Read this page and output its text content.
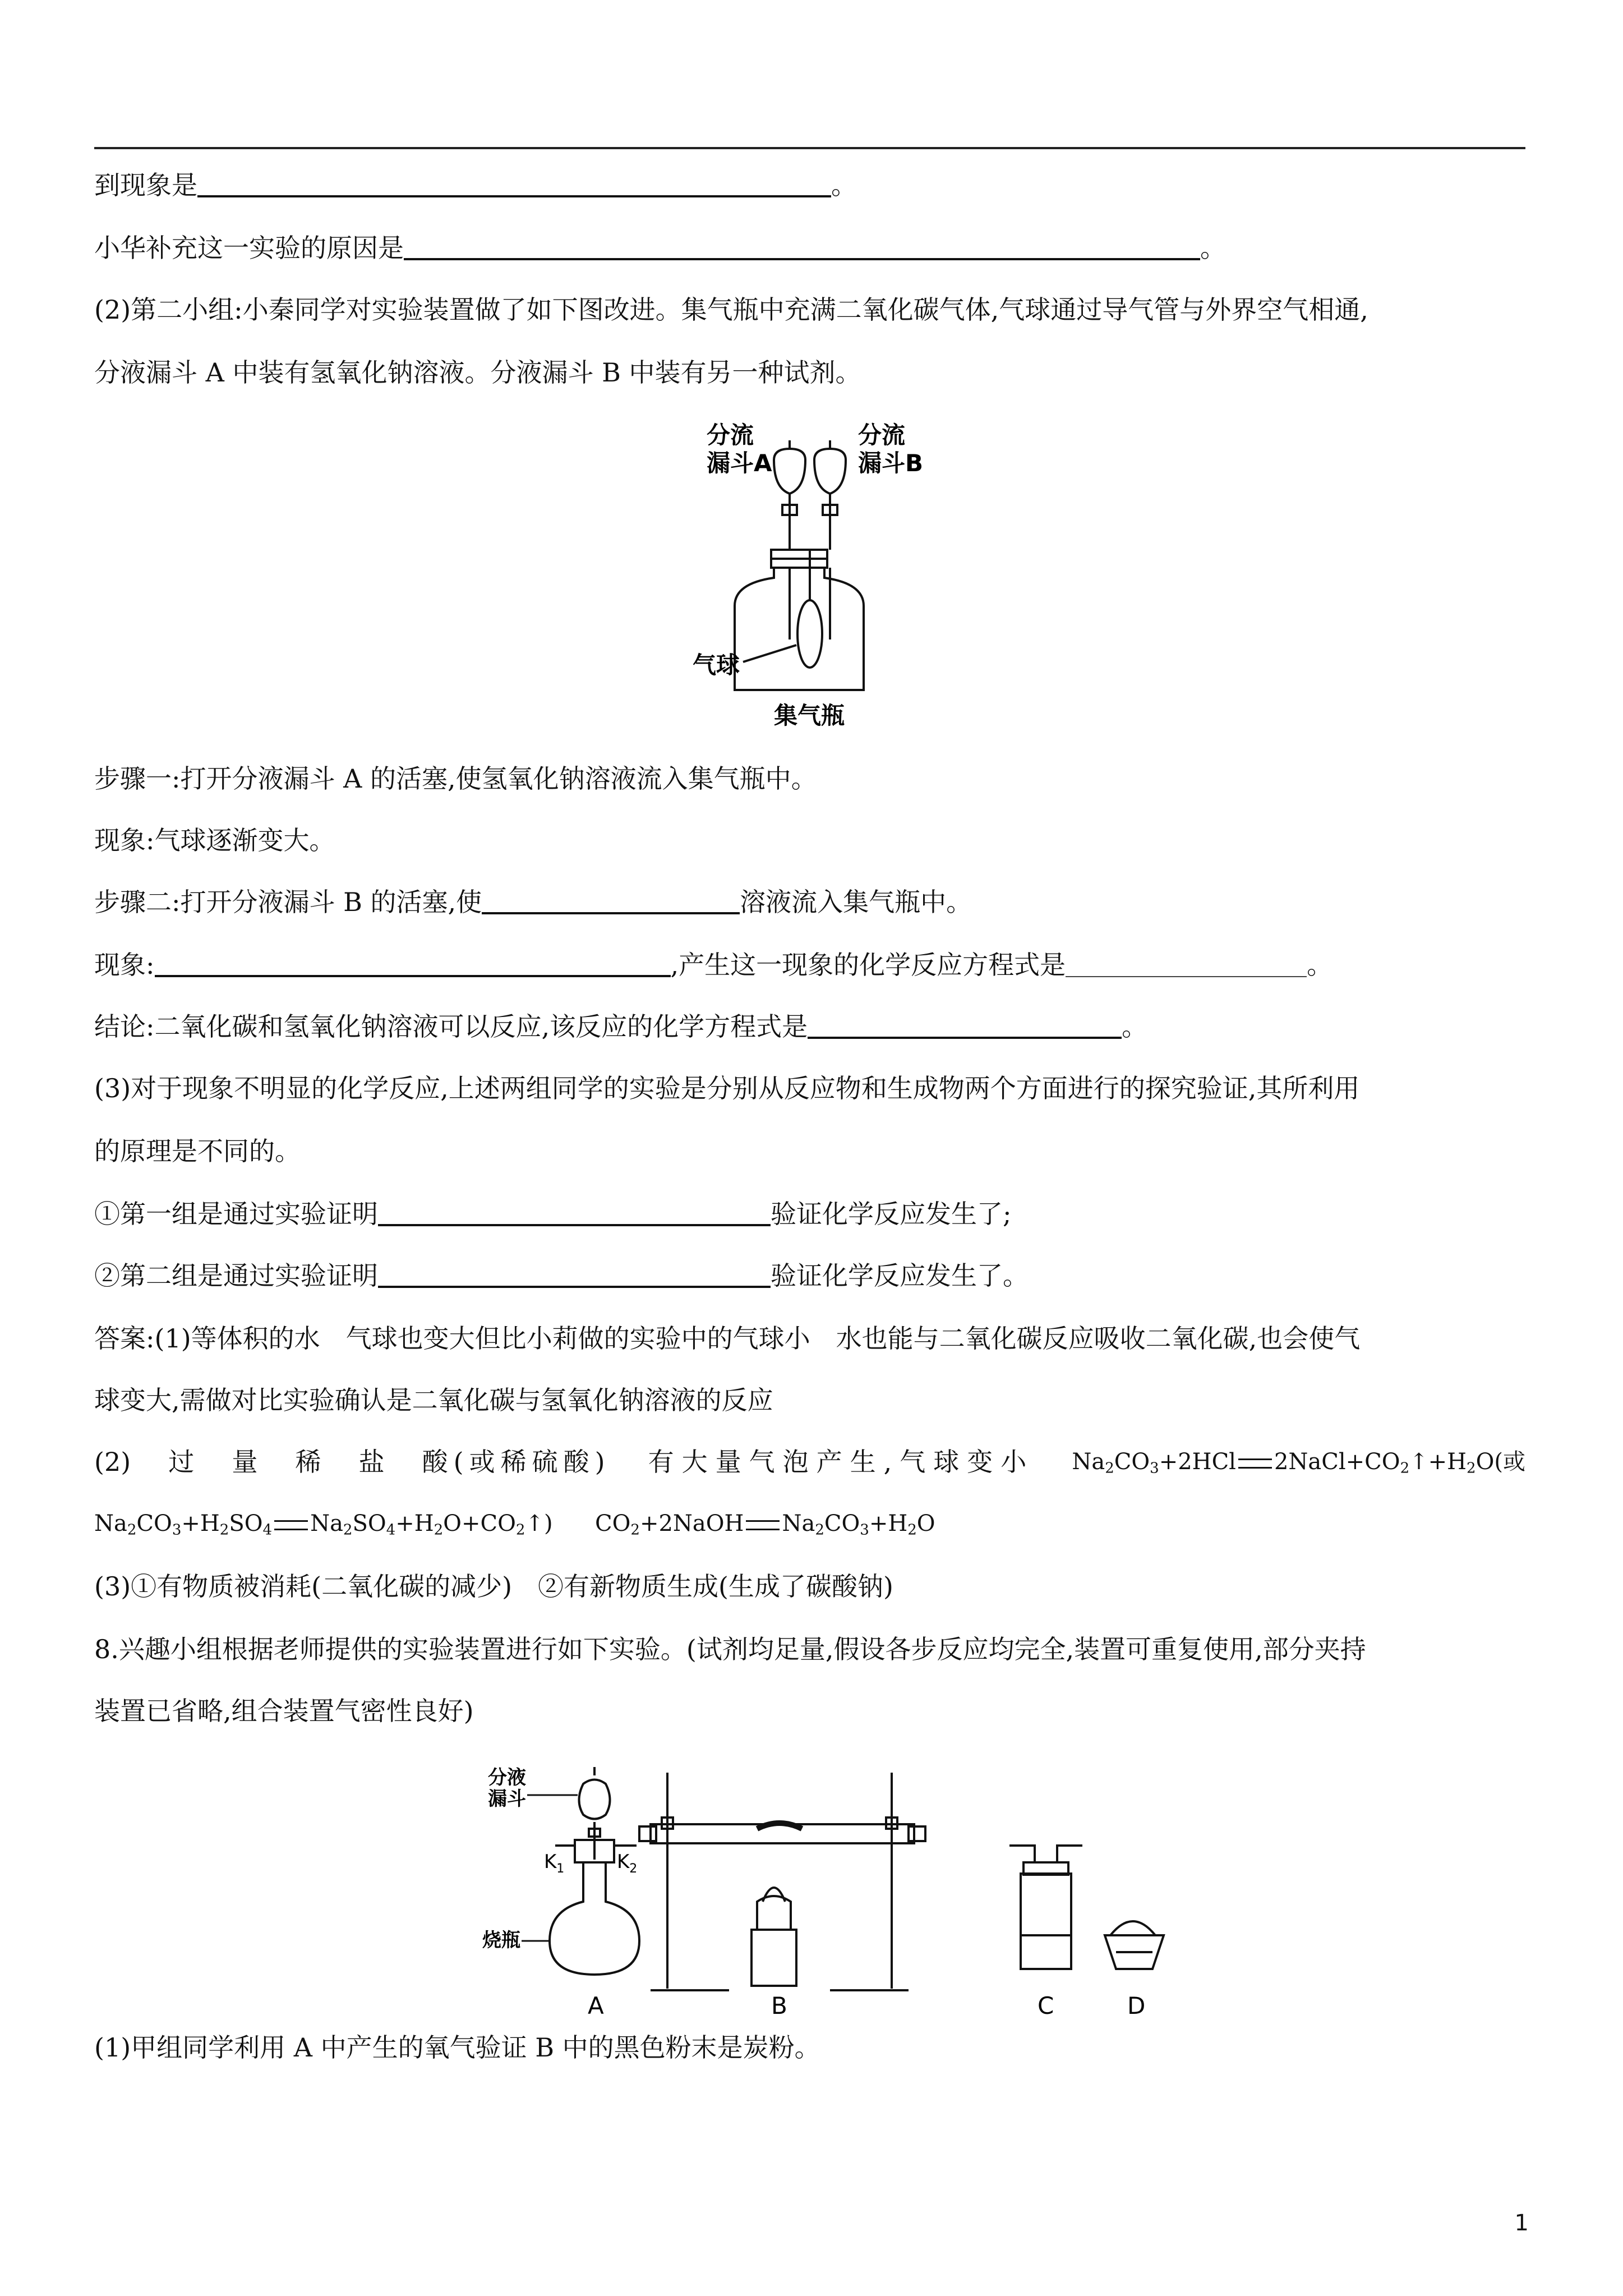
到现象是	。
小华补充这一实验的原因是	。
(2)第二小组:小秦同学对实验装置做了如下图改进。集气瓶中充满二氧化碳气体,气球通过导气管与外界空气相通,
分液漏斗 A 中装有氢氧化钠溶液。分液漏斗 B 中装有另一种试剂。
分流
漏斗A
分流
漏斗B
气球
集气瓶
步骤一:打开分液漏斗 A 的活塞,使氢氧化钠溶液流入集气瓶中。
现象:气球逐渐变大。
步骤二:打开分液漏斗 B 的活塞,使	溶液流入集气瓶中。
现象:	,产生这一现象的化学反应方程式是	。
结论:二氧化碳和氢氧化钠溶液可以反应,该反应的化学方程式是	。
(3)对于现象不明显的化学反应,上述两组同学的实验是分别从反应物和生成物两个方面进行的探究验证,其所利用
的原理是不同的。
①第一组是通过实验证明	验证化学反应发生了;
②第二组是通过实验证明	验证化学反应发生了。
答案:(1)等体积的水　气球也变大但比小莉做的实验中的气球小　水也能与二氧化碳反应吸收二氧化碳,也会使气
球变大,需做对比实验确认是二氧化碳与氢氧化钠溶液的反应
(2) 过 量 稀 盐 酸(或稀硫酸) 有大量气泡产生,气球变小 $Na_2CO_3+2HCl$ $2NaCl+CO_2↑+H_2O$(或
$Na_2CO_3+H_2SO_4$ $Na_2SO_4+H_2O+CO_2↑$) $CO_2+2NaOH$ $Na_2CO_3+H_2O$
(3)①有物质被消耗(二氧化碳的减少)　②有新物质生成(生成了碳酸钠)
8.兴趣小组根据老师提供的实验装置进行如下实验。(试剂均足量,假设各步反应均完全,装置可重复使用,部分夹持
装置已省略,组合装置气密性良好)
分液
漏斗
$K_1$	$K_2$
烧瓶
A	B	C	D
(1)甲组同学利用 A 中产生的氧气验证 B 中的黑色粉末是炭粉。
1
